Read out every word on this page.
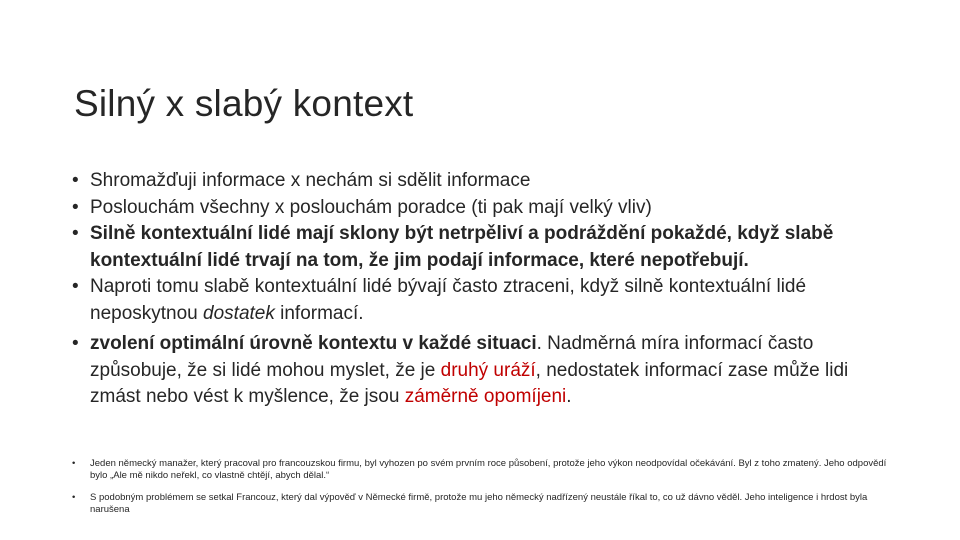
Silný x slabý kontext
• Shromažďuji informace x nechám si sdělit informace
• Poslouchám všechny x poslouchám poradce (ti pak mají velký vliv)
• Silně kontextuální lidé mají sklony být netrpěliví a podráždění pokaždé, když slabě kontextuální lidé trvají na tom, že jim podají informace, které nepotřebují.
• Naproti tomu slabě kontextuální lidé bývají často ztraceni, když silně kontextuální lidé neposkytnou dostatek informací.
• zvolení optimální úrovně kontextu v každé situaci. Nadměrná míra informací často způsobuje, že si lidé mohou myslet, že je druhý uráží, nedostatek informací zase může lidi zmást nebo vést k myšlence, že jsou záměrně opomíjeni.
• Jeden německý manažer, který pracoval pro francouzskou firmu, byl vyhozen po svém prvním roce působení, protože jeho výkon neodpovídal očekávání. Byl z toho zmatený. Jeho odpovědí bylo „Ale mě nikdo neřekl, co vlastně chtějí, abych dělal.“
• S podobným problémem se setkal Francouz, který dal výpověď v Německé firmě, protože mu jeho německý nadřízený neustále říkal to, co už dávno věděl. Jeho inteligence i hrdost byla narušena
